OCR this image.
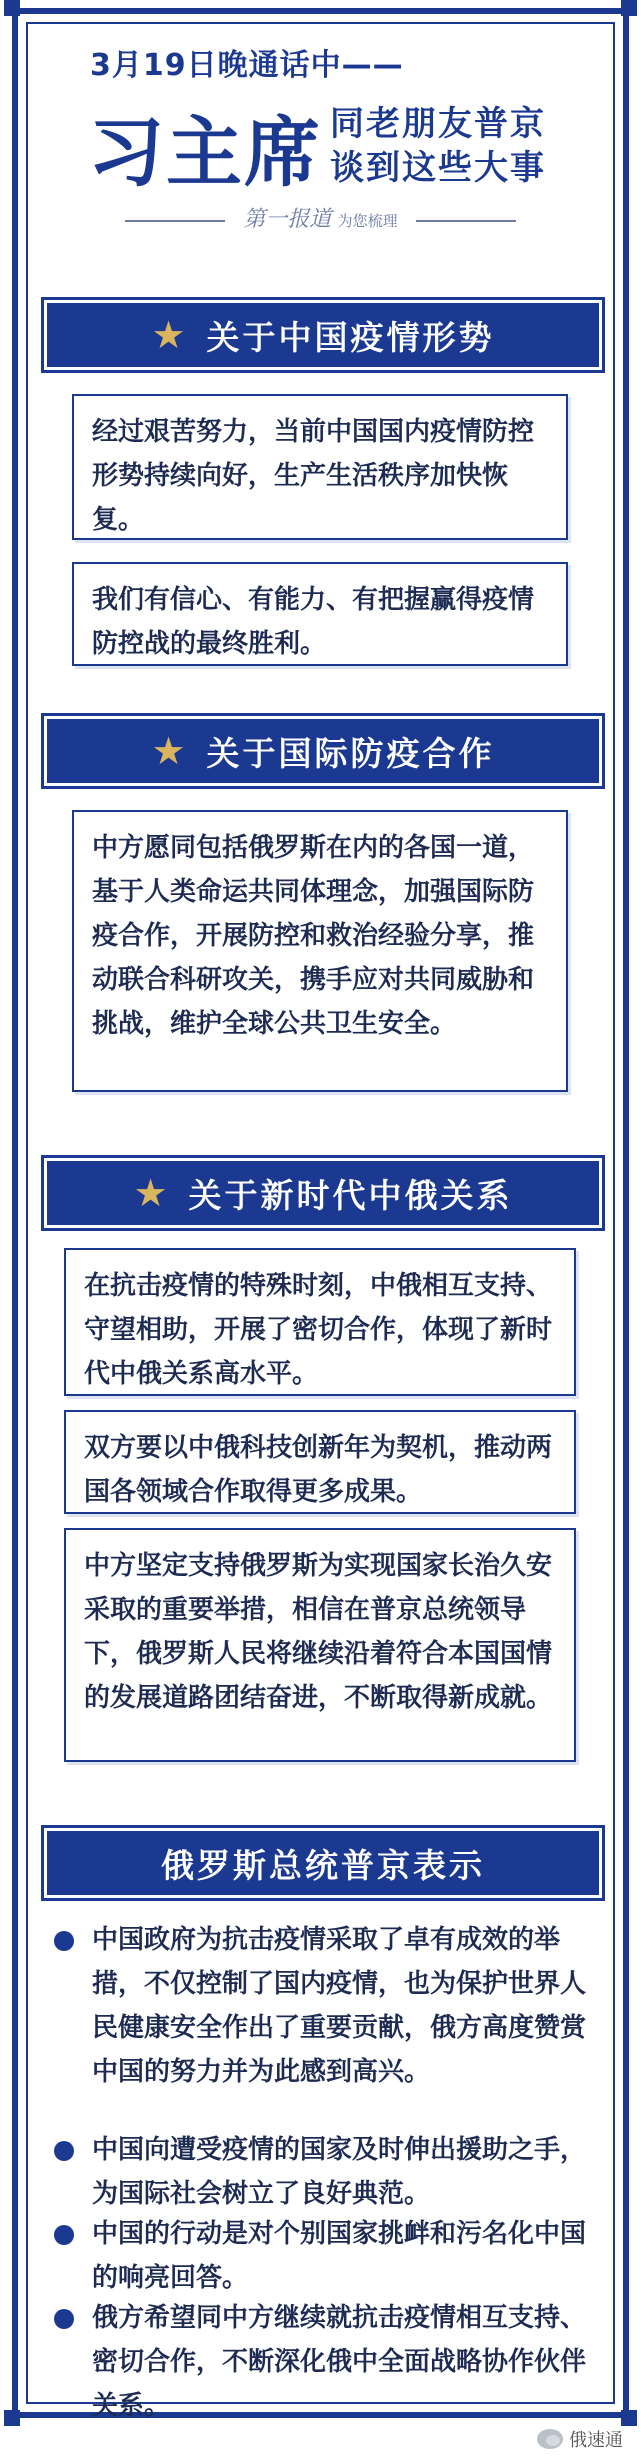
3月19日晚通话中——
习主席 同老朋友普京
谈到这些大事
第一报道 为您梳理
★ 关于中国疫情形势
经过艰苦努力，当前中国国内疫情防控形势持续向好，生产生活秩序加快恢复。
我们有信心、有能力、有把握赢得疫情防控战的最终胜利。
★ 关于国际防疫合作
中方愿同包括俄罗斯在内的各国一道，基于人类命运共同体理念，加强国际防疫合作，开展防控和救治经验分享，推动联合科研攻关，携手应对共同威胁和挑战，维护全球公共卫生安全。
★ 关于新时代中俄关系
在抗击疫情的特殊时刻，中俄相互支持、守望相助，开展了密切合作，体现了新时代中俄关系高水平。
双方要以中俄科技创新年为契机，推动两国各领域合作取得更多成果。
中方坚定支持俄罗斯为实现国家长治久安采取的重要举措，相信在普京总统领导下，俄罗斯人民将继续沿着符合本国国情的发展道路团结奋进，不断取得新成就。
俄罗斯总统普京表示
中国政府为抗击疫情采取了卓有成效的举措，不仅控制了国内疫情，也为保护世界人民健康安全作出了重要贡献，俄方高度赞赏中国的努力并为此感到高兴。
中国向遭受疫情的国家及时伸出援助之手，为国际社会树立了良好典范。
中国的行动是对个别国家挑衅和污名化中国的响亮回答。
俄方希望同中方继续就抗击疫情相互支持、密切合作，不断深化俄中全面战略协作伙伴关系。
俄速通
